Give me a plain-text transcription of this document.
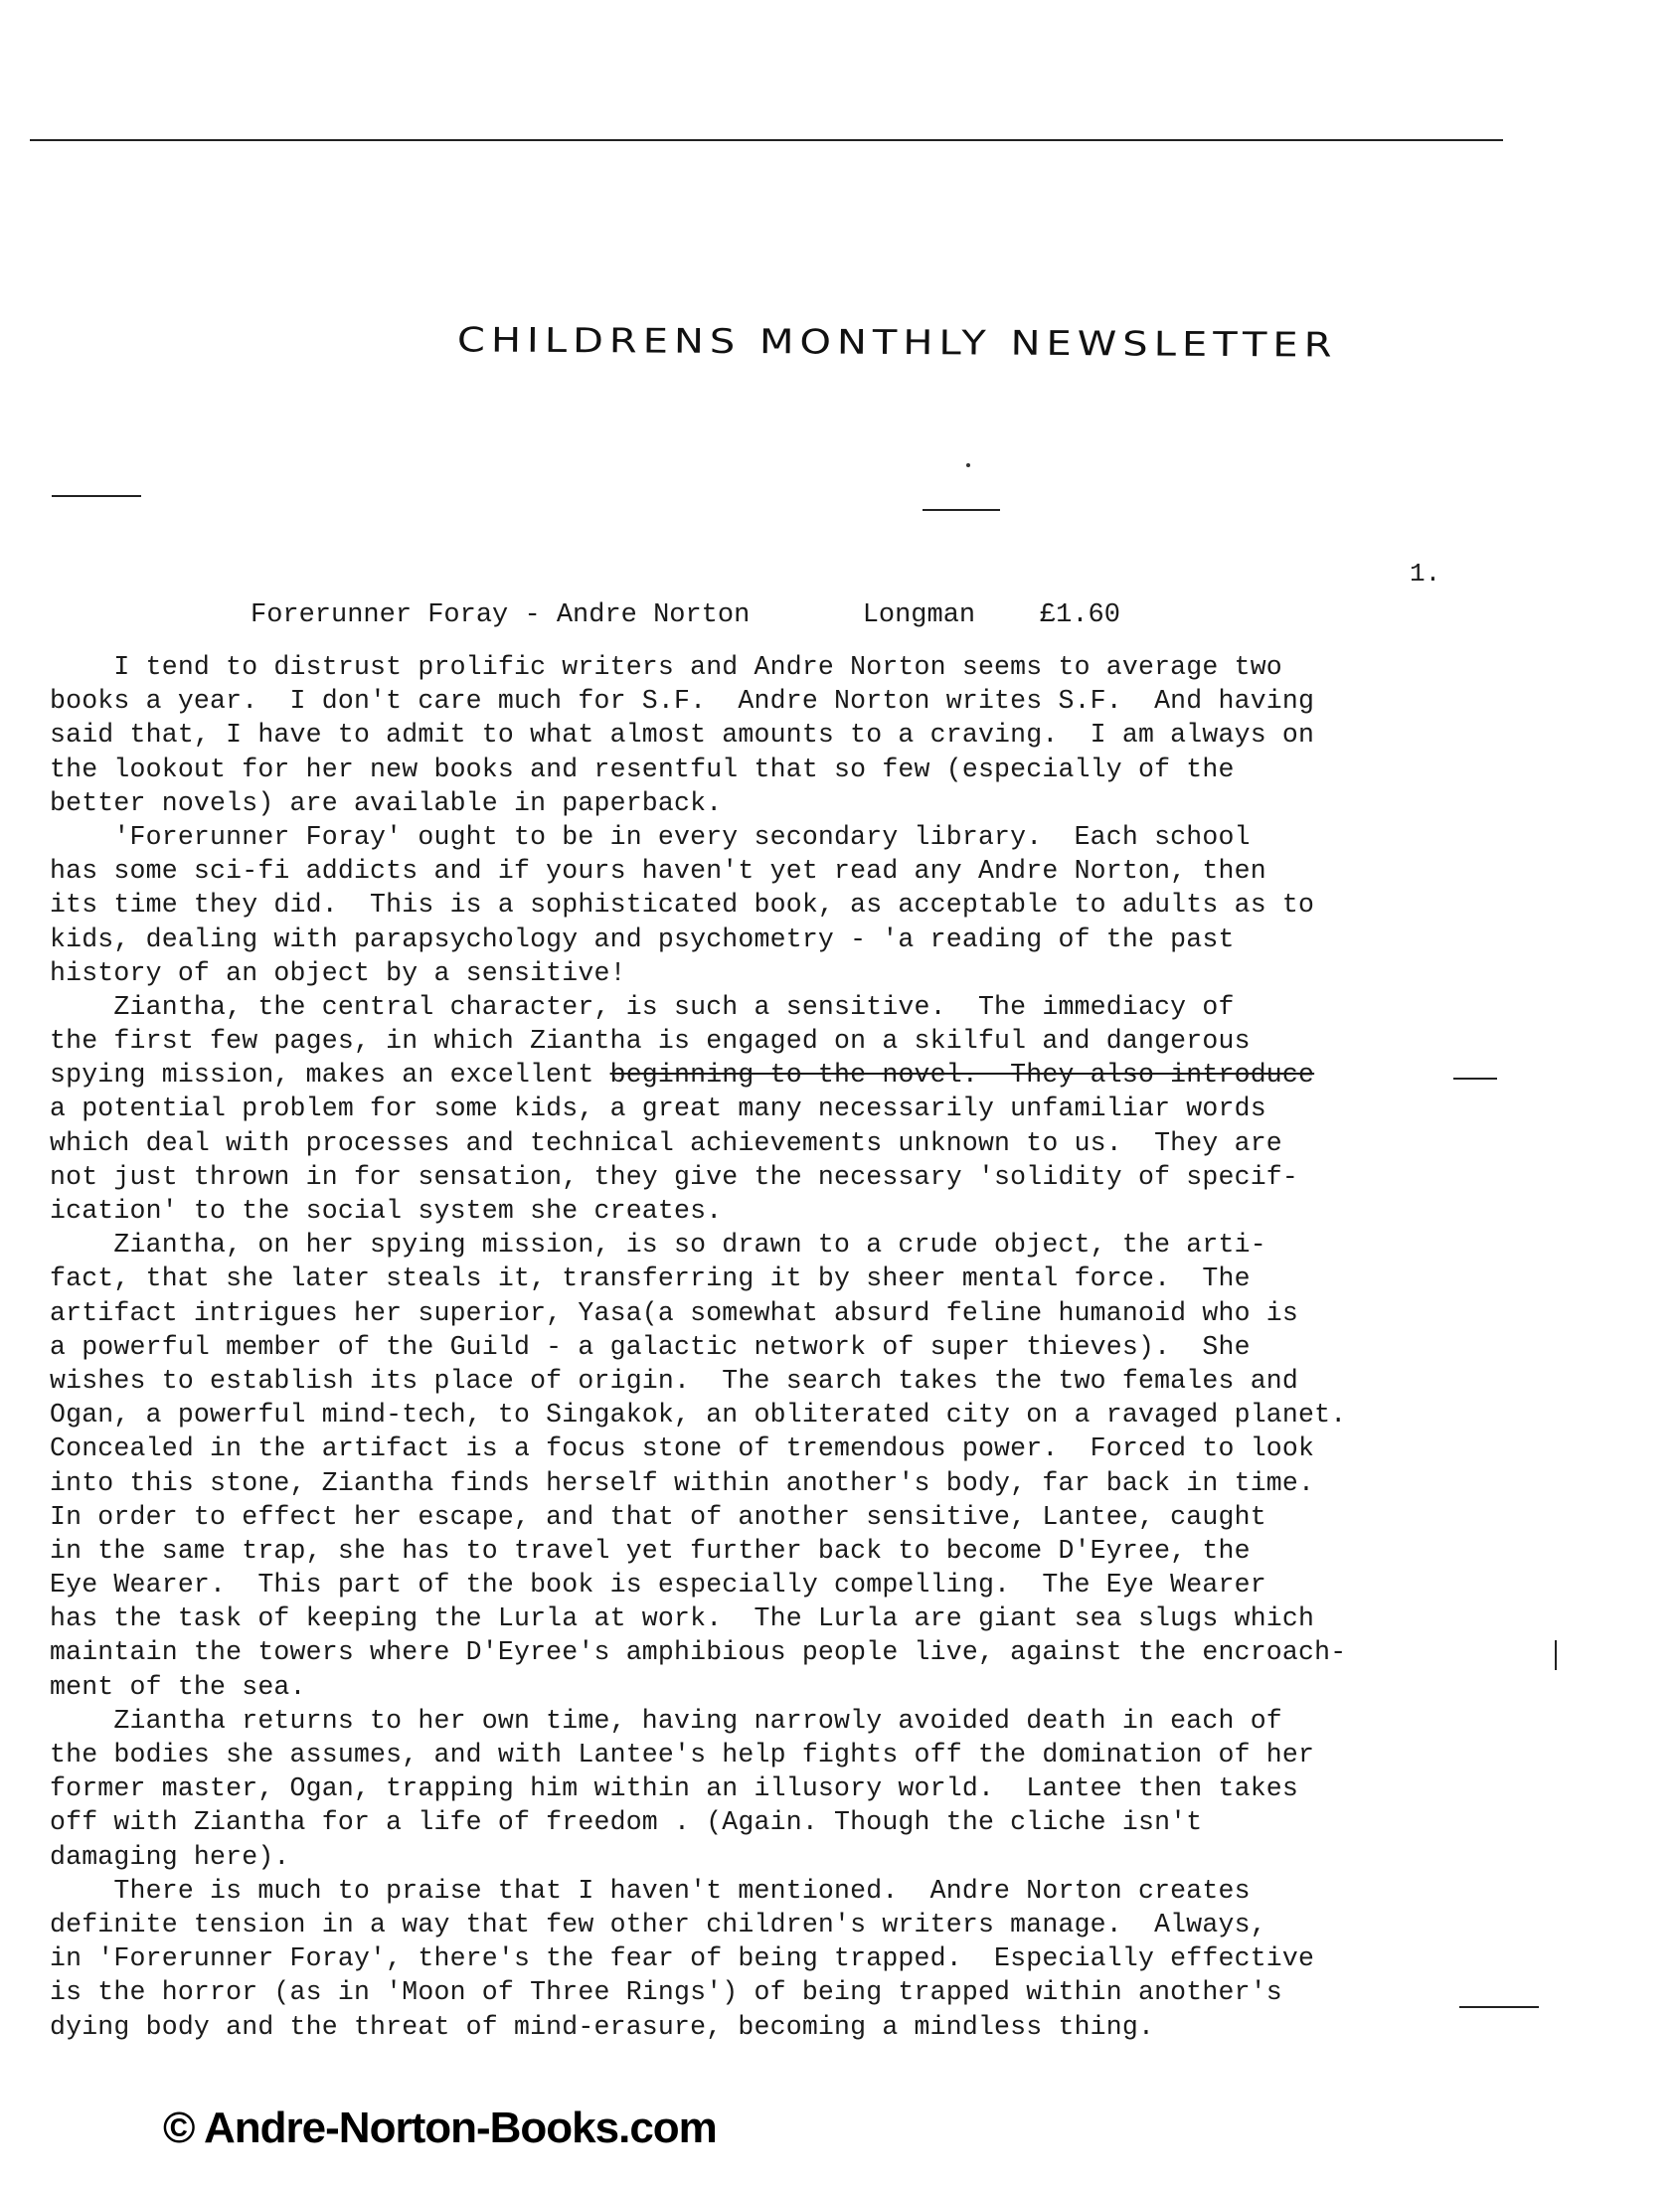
CHILDRENS MONTHLY NEWSLETTER
1.
Forerunner Foray - Andre Norton       Longman    £1.60
I tend to distrust prolific writers and Andre Norton seems to average two
books a year.  I don't care much for S.F.  Andre Norton writes S.F.  And having
said that, I have to admit to what almost amounts to a craving.  I am always on
the lookout for her new books and resentful that so few (especially of the
better novels) are available in paperback.
'Forerunner Foray' ought to be in every secondary library.  Each school
has some sci-fi addicts and if yours haven't yet read any Andre Norton, then
its time they did.  This is a sophisticated book, as acceptable to adults as to
kids, dealing with parapsychology and psychometry - 'a reading of the past
history of an object by a sensitive!
Ziantha, the central character, is such a sensitive.  The immediacy of
the first few pages, in which Ziantha is engaged on a skilful and dangerous
spying mission, makes an excellent beginning to the novel.  They also introduce
a potential problem for some kids, a great many necessarily unfamiliar words
which deal with processes and technical achievements unknown to us.  They are
not just thrown in for sensation, they give the necessary 'solidity of specif-
ication' to the social system she creates.
Ziantha, on her spying mission, is so drawn to a crude object, the arti-
fact, that she later steals it, transferring it by sheer mental force.  The
artifact intrigues her superior, Yasa(a somewhat absurd feline humanoid who is
a powerful member of the Guild - a galactic network of super thieves).  She
wishes to establish its place of origin.  The search takes the two females and
Ogan, a powerful mind-tech, to Singakok, an obliterated city on a ravaged planet.
Concealed in the artifact is a focus stone of tremendous power.  Forced to look
into this stone, Ziantha finds herself within another's body, far back in time.
In order to effect her escape, and that of another sensitive, Lantee, caught
in the same trap, she has to travel yet further back to become D'Eyree, the
Eye Wearer.  This part of the book is especially compelling.  The Eye Wearer
has the task of keeping the Lurla at work.  The Lurla are giant sea slugs which
maintain the towers where D'Eyree's amphibious people live, against the encroach-
ment of the sea.
Ziantha returns to her own time, having narrowly avoided death in each of
the bodies she assumes, and with Lantee's help fights off the domination of her
former master, Ogan, trapping him within an illusory world.  Lantee then takes
off with Ziantha for a life of freedom . (Again. Though the cliche isn't
damaging here).
There is much to praise that I haven't mentioned.  Andre Norton creates
definite tension in a way that few other children's writers manage.  Always,
in 'Forerunner Foray', there's the fear of being trapped.  Especially effective
is the horror (as in 'Moon of Three Rings') of being trapped within another's
dying body and the threat of mind-erasure, becoming a mindless thing.
© Andre-Norton-Books.com
